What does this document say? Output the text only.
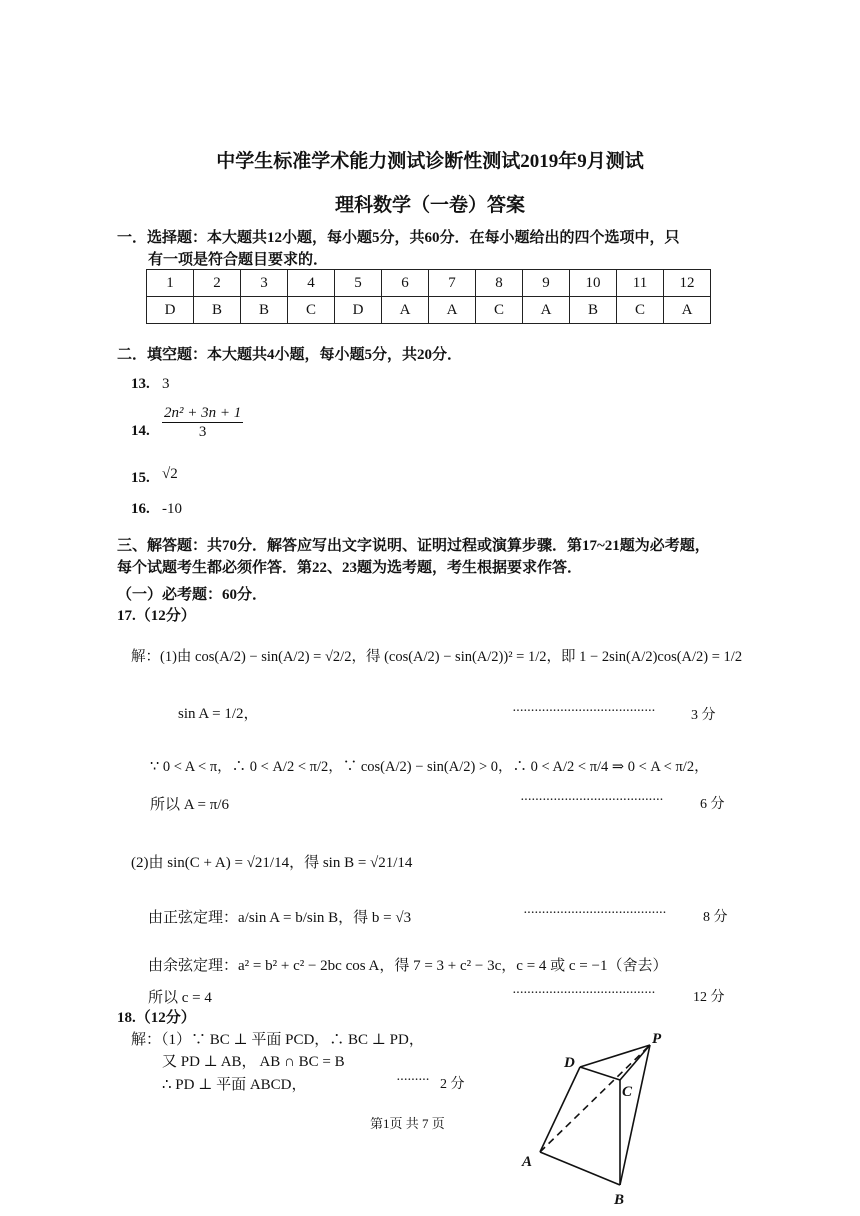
中学生标准学术能力测试诊断性测试2019年9月测试
理科数学（一卷）答案
一．选择题：本大题共12小题，每小题5分，共60分．在每小题给出的四个选项中，只
有一项是符合题目要求的．
1	2	3	4	5	6	7	8	9	10	11	12
D	B	B	C	D	A	A	C	A	B	C	A
二．填空题：本大题共4小题，每小题5分，共20分．
13. 3
14. $\frac{\text{2n² + 3n + 1}}{3}$
15. √2
16. -10
三、解答题：共70分．解答应写出文字说明、证明过程或演算步骤．第17~21题为必考题，
每个试题考生都必须作答．第22、23题为选考题，考生根据要求作答．
（一）必考题：60分．
17.（12分）
解：(1)由 cos(A/2) − sin(A/2) = √2/2，得 (cos(A/2) − sin(A/2))² = 1/2，即 1 − 2sin(A/2)cos(A/2) = 1/2
sin A = 1/2，	·······································	3 分
∵ 0 < A < π，∴ 0 < A/2 < π/2，∵ cos(A/2) − sin(A/2) > 0，∴ 0 < A/2 < π/4 ⇒ 0 < A < π/2，
所以 A = π/6	·······································	6 分
(2)由 sin(C + A) = √21/14，得 sin B = √21/14
由正弦定理：a/sin A = b/sin B，得 b = √3	·······································	8 分
由余弦定理：a² = b² + c² − 2bc cos A，得 7 = 3 + c² − 3c，c = 4 或 c = −1（舍去）
所以 c = 4	·······································	12 分
18.（12分）
解：（1）∵ BC ⊥ 平面 PCD，∴ BC ⊥ PD，
又 PD ⊥ AB， AB ∩ BC = B
∴ PD ⊥ 平面 ABCD，	········· 2 分
P
D
C
A
B
第1页 共 7 页
